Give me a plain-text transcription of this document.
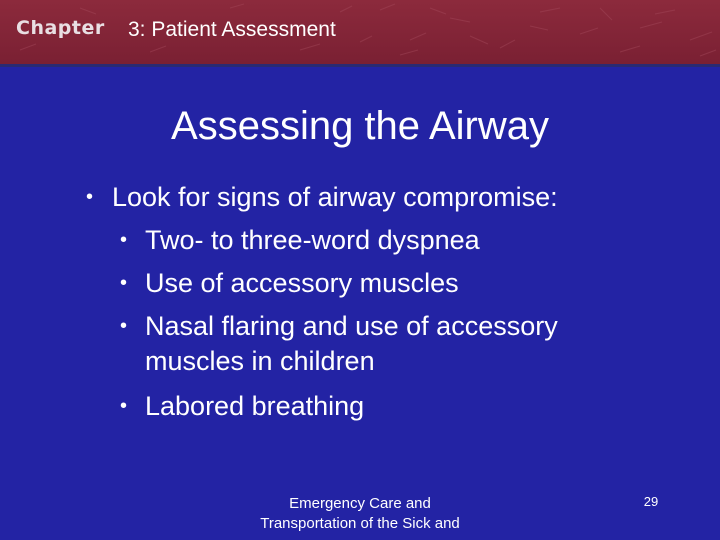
Chapter 3: Patient Assessment
Assessing the Airway
• Look for signs of airway compromise:
• Two- to three-word dyspnea
• Use of accessory muscles
• Nasal flaring and use of accessory
muscles in children
• Labored breathing
Emergency Care and
Transportation of the Sick and
29
